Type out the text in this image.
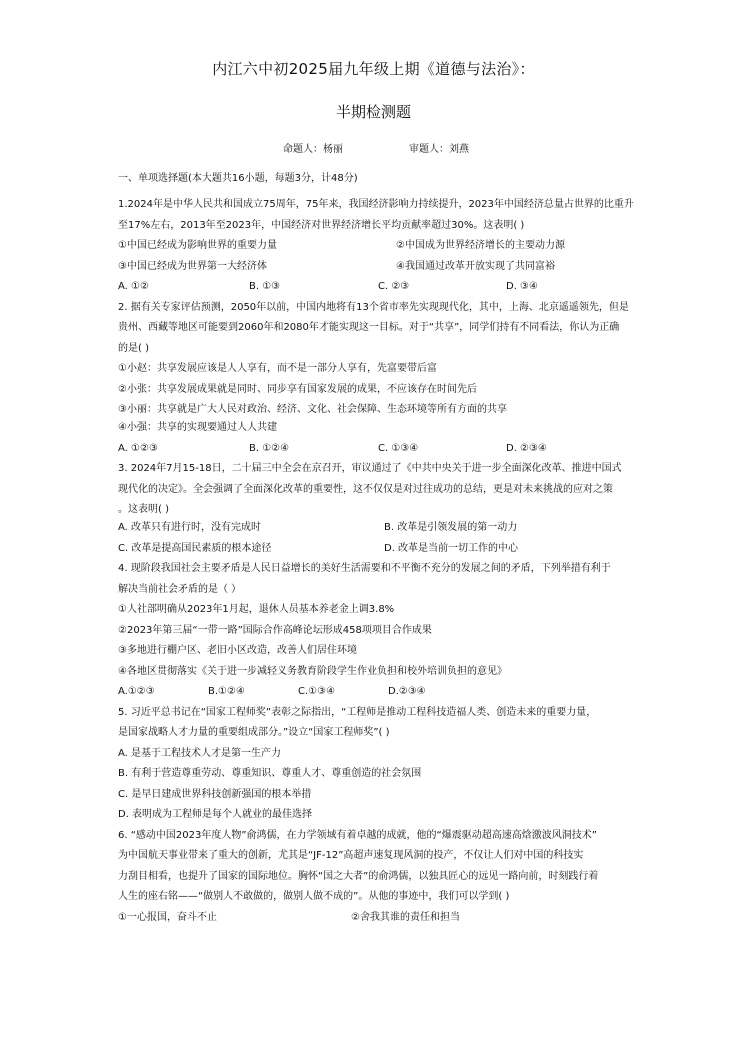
内江六中初2025届九年级上期《道德与法治》：
半期检测题
命题人：杨丽	审题人：刘燕
一、单项选择题(本大题共16小题，每题3分，计48分)
1.2024年是中华人民共和国成立75周年，75年来，我国经济影响力持续提升，2023年中国经济总量占世界的比重升
至17%左右，2013年至2023年，中国经济对世界经济增长平均贡献率超过30%。这表明( )
①中国已经成为影响世界的重要力量	②中国成为世界经济增长的主要动力源
③中国已经成为世界第一大经济体	④我国通过改革开放实现了共同富裕
A. ①②	B. ①③	C. ②③	D. ③④
2. 据有关专家评估预测，2050年以前，中国内地将有13个省市率先实现现代化，其中，上海、北京遥遥领先，但是
贵州、西藏等地区可能要到2060年和2080年才能实现这一目标。对于“共享”，同学们持有不同看法，你认为正确
的是( )
①小赵：共享发展应该是人人享有，而不是一部分人享有，先富要带后富
②小张：共享发展成果就是同时、同步享有国家发展的成果，不应该存在时间先后
③小丽：共享就是广大人民对政治、经济、文化、社会保障、生态环境等所有方面的共享
④小强：共享的实现要通过人人共建
A. ①②③	B. ①②④	C. ①③④	D. ②③④
3. 2024年7月15-18日，二十届三中全会在京召开，审议通过了《中共中央关于进一步全面深化改革、推进中国式
现代化的决定》。全会强调了全面深化改革的重要性，这不仅仅是对过往成功的总结，更是对未来挑战的应对之策
。这表明( )
A. 改革只有进行时，没有完成时	B. 改革是引领发展的第一动力
C. 改革是提高国民素质的根本途径	D. 改革是当前一切工作的中心
4. 现阶段我国社会主要矛盾是人民日益增长的美好生活需要和不平衡不充分的发展之间的矛盾，下列举措有利于
解决当前社会矛盾的是（ ）
①人社部明确从2023年1月起，退休人员基本养老金上调3.8%
②2023年第三届“一带一路”国际合作高峰论坛形成458项项目合作成果
③多地进行棚户区、老旧小区改造，改善人们居住环境
④各地区贯彻落实《关于进一步减轻义务教育阶段学生作业负担和校外培训负担的意见》
A.①②③	B.①②④	C.①③④	D.②③④
5. 习近平总书记在“国家工程师奖”表彰之际指出，“工程师是推动工程科技造福人类、创造未来的重要力量，
是国家战略人才力量的重要组成部分。”设立“国家工程师奖”( )
A. 是基于工程技术人才是第一生产力
B. 有利于营造尊重劳动、尊重知识、尊重人才、尊重创造的社会氛围
C. 是早日建成世界科技创新强国的根本举措
D. 表明成为工程师是每个人就业的最佳选择
6. “感动中国2023年度人物”俞鸿儒，在力学领域有着卓越的成就，他的“爆震驱动超高速高焓激波风洞技术”
为中国航天事业带来了重大的创新，尤其是“JF-12”高超声速复现风洞的投产，不仅让人们对中国的科技实
力刮目相看，也提升了国家的国际地位。胸怀“国之大者”的俞鸿儒，以独具匠心的远见一路向前，时刻践行着
人生的座右铭——“做别人不敢做的，做别人做不成的”。从他的事迹中，我们可以学到( )
①一心报国，奋斗不止	②舍我其谁的责任和担当
